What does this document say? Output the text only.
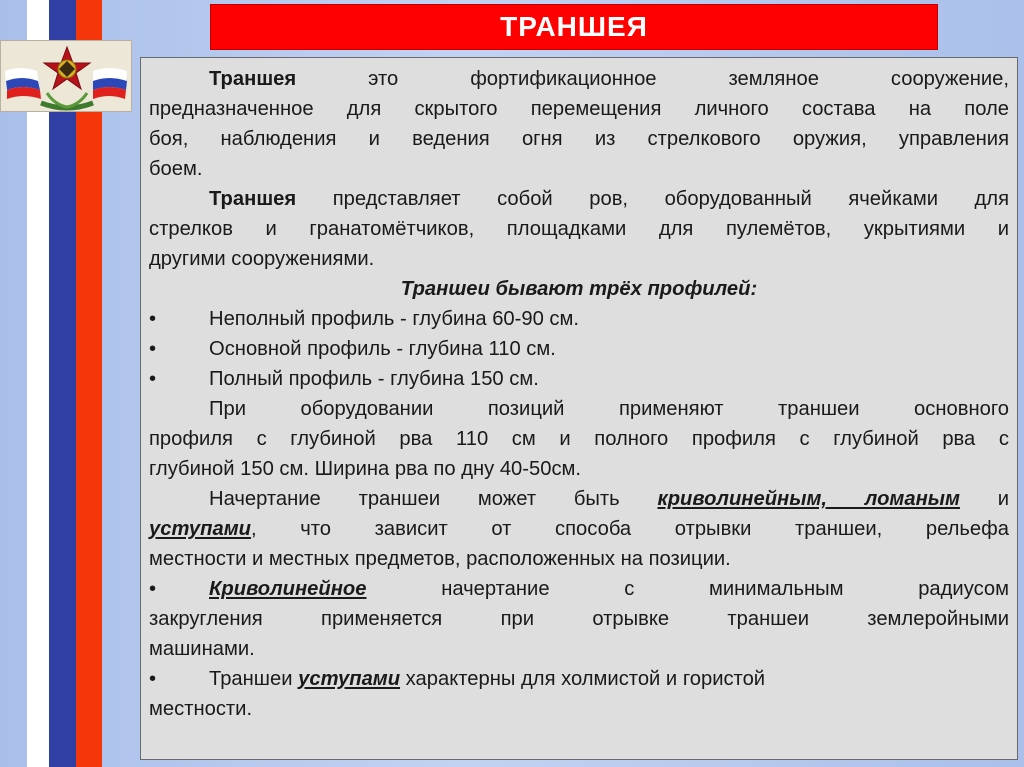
ТРАНШЕЯ

Траншея	это фортификационное земляное сооружение,

предназначенное для скрытого перемещения личного состава на поле

боя, наблюдения и ведения огня из стрелкового оружия, управления

боем.

Траншея представляет собой ров, оборудованный ячейками для

стрелков и гранатомётчиков, площадками для пулемётов, укрытиями и

другими сооружениями.

Траншеи бывают трёх профилей:

•	Неполный профиль - глубина 60-90 см.

•	Основной профиль - глубина 110 см.

•	Полный профиль - глубина 150 см.

При оборудовании позиций применяют траншеи основного

профиля с глубиной рва 110 см и полного профиля с глубиной рва с

глубиной 150 см. Ширина рва по дну 40-50см.

Начертание траншеи может быть криволинейным, ломаным и

уступами, что зависит от способа отрывки траншеи, рельефа

местности и местных предметов, расположенных на позиции.

•	Криволинейное	начертание с минимальным радиусом

закругления применяется при отрывке траншеи землеройными

машинами.

•	Траншеи уступами характерны для холмистой и гористой

местности.
